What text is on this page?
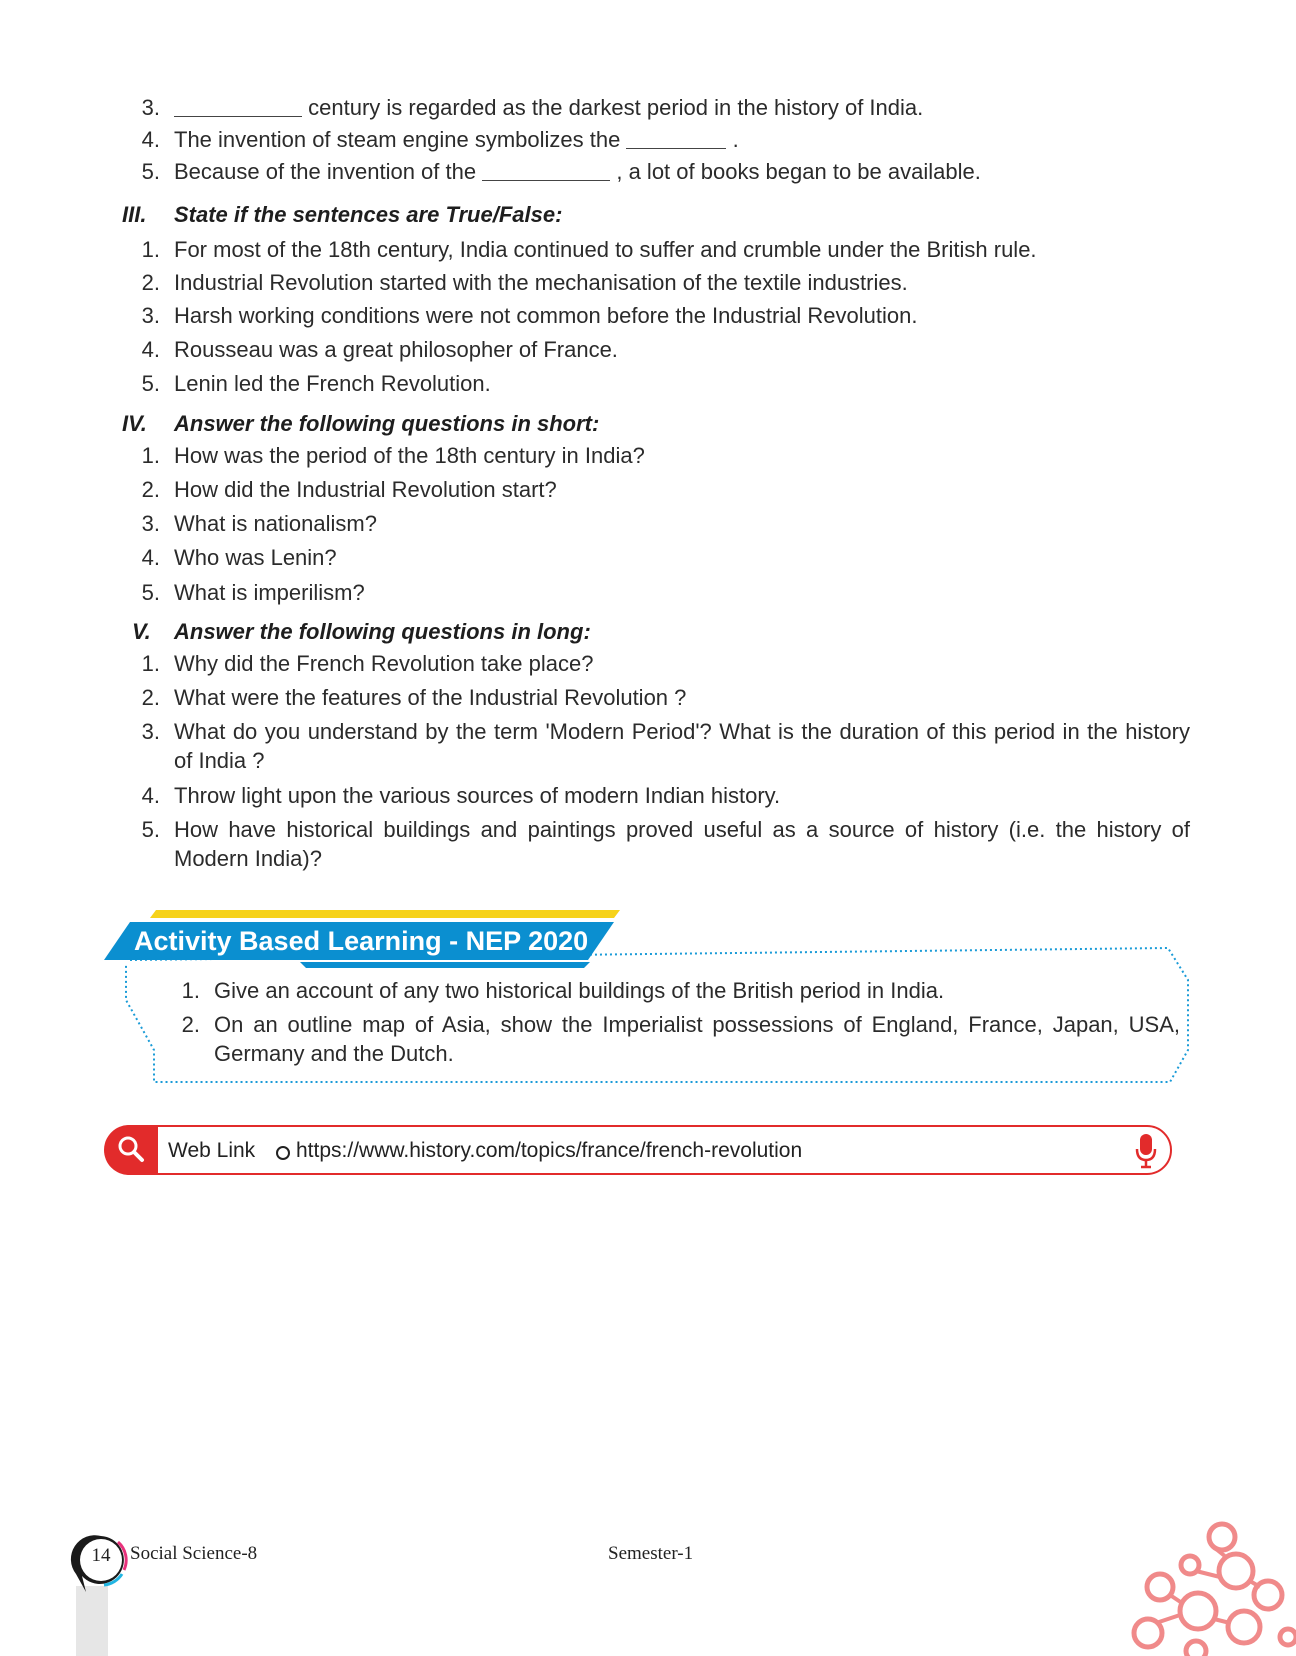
3.	century is regarded as the darkest period in the history of India.
4. The invention of steam engine symbolizes the	.
5. Because of the invention of the	, a lot of books began to be available.
III. State if the sentences are True/False:
1. For most of the 18th century, India continued to suffer and crumble under the British rule.
2. Industrial Revolution started with the mechanisation of the textile industries.
3. Harsh working conditions were not common before the Industrial Revolution.
4. Rousseau was a great philosopher of France.
5. Lenin led the French Revolution.
IV. Answer the following questions in short:
1. How was the period of the 18th century in India?
2. How did the Industrial Revolution start?
3. What is nationalism?
4. Who was Lenin?
5. What is imperilism?
V. Answer the following questions in long:
1. Why did the French Revolution take place?
2. What were the features of the Industrial Revolution ?
3. What do you understand by the term 'Modern Period'? What is the duration of this period in the history of India ?
4. Throw light upon the various sources of modern Indian history.
5. How have historical buildings and paintings proved useful as a source of history (i.e. the history of Modern India)?
Activity Based Learning - NEP 2020
1. Give an account of any two historical buildings of the British period in India.
2. On an outline map of Asia, show the Imperialist possessions of England, France, Japan, USA, Germany and the Dutch.
Web Link https://www.history.com/topics/france/french-revolution
14 Social Science-8	Semester-1
